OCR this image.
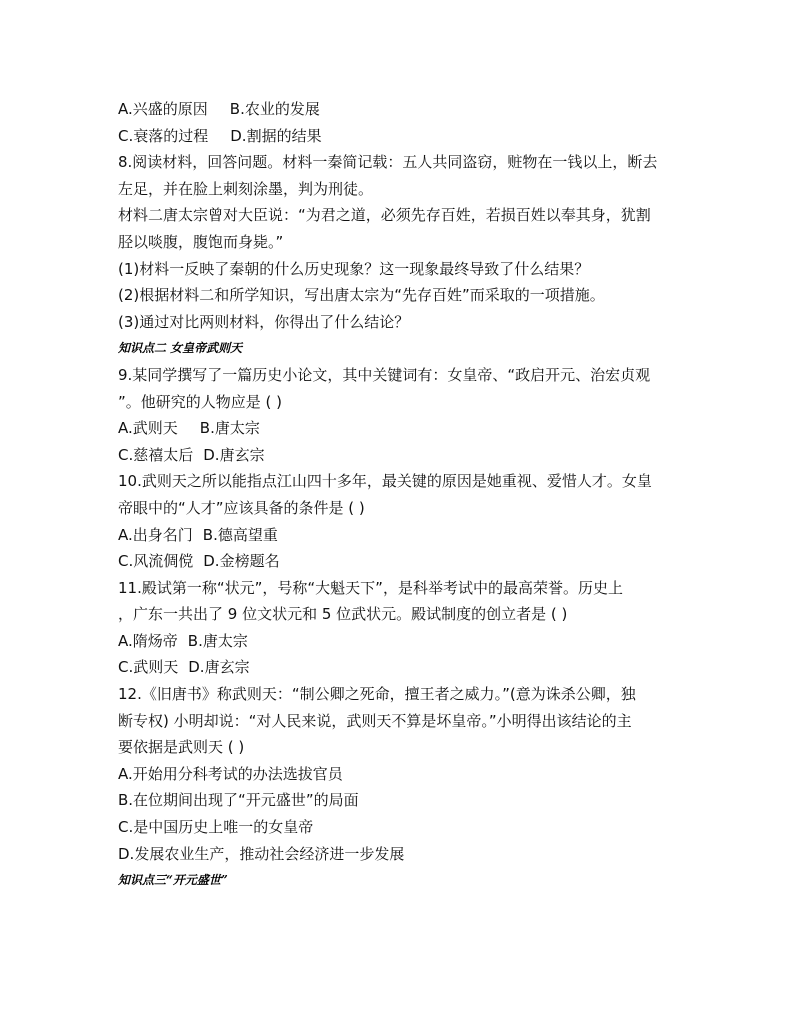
A.兴盛的原因 B.农业的发展
C.衰落的过程 D.割据的结果
8.阅读材料，回答问题。材料一秦简记载：五人共同盗窃，赃物在一钱以上，断去
左足，并在脸上刺刻涂墨，判为刑徒。
材料二唐太宗曾对大臣说：“为君之道，必须先存百姓，若损百姓以奉其身，犹割
胫以啖腹，腹饱而身毙。”
(1)材料一反映了秦朝的什么历史现象？这一现象最终导致了什么结果？
(2)根据材料二和所学知识，写出唐太宗为“先存百姓”而采取的一项措施。
(3)通过对比两则材料，你得出了什么结论？
知识点二 女皇帝武则天
9.某同学撰写了一篇历史小论文，其中关键词有：女皇帝、“政启开元、治宏贞观
”。他研究的人物应是 ( )
A.武则天 B.唐太宗
C.慈禧太后 D.唐玄宗
10.武则天之所以能指点江山四十多年，最关键的原因是她重视、爱惜人才。女皇
帝眼中的“人才”应该具备的条件是 ( )
A.出身名门 B.德高望重
C.风流倜傥 D.金榜题名
11.殿试第一称“状元”，号称“大魁天下”，是科举考试中的最高荣誉。历史上
，广东一共出了 9 位文状元和 5 位武状元。殿试制度的创立者是 ( )
A.隋炀帝 B.唐太宗
C.武则天 D.唐玄宗
12.《旧唐书》称武则天：“制公卿之死命，擅王者之威力。”(意为诛杀公卿，独
断专权) 小明却说：“对人民来说，武则天不算是坏皇帝。”小明得出该结论的主
要依据是武则天 ( )
A.开始用分科考试的办法选拔官员
B.在位期间出现了“开元盛世”的局面
C.是中国历史上唯一的女皇帝
D.发展农业生产，推动社会经济进一步发展
知识点三“开元盛世”
